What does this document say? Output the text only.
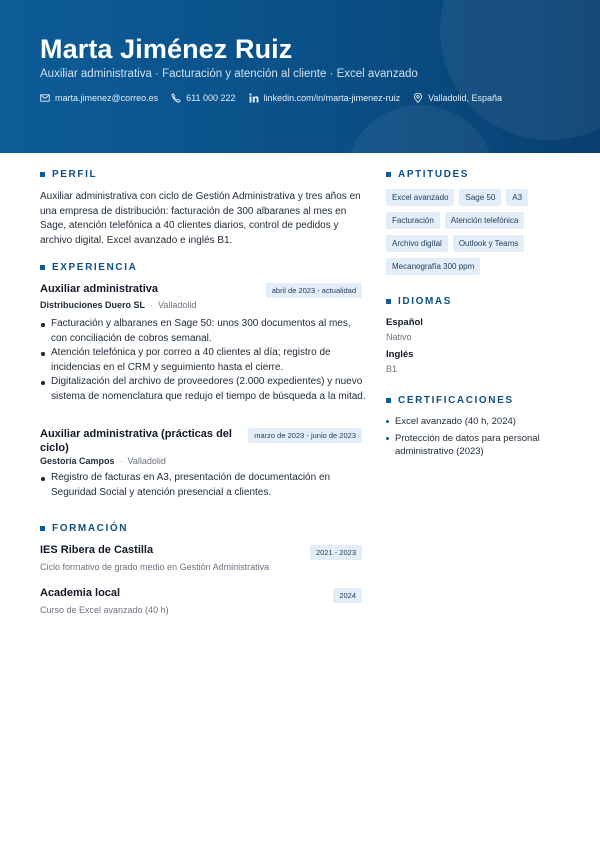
Marta Jiménez Ruiz
Auxiliar administrativa · Facturación y atención al cliente · Excel avanzado
marta.jimenez@correo.es	611 000 222	linkedin.com/in/marta-jimenez-ruiz	Valladolid, España
PERFIL
Auxiliar administrativa con ciclo de Gestión Administrativa y tres años en una empresa de distribución: facturación de 300 albaranes al mes en Sage, atención telefónica a 40 clientes diarios, control de pedidos y archivo digital. Excel avanzado e inglés B1.
EXPERIENCIA
Auxiliar administrativa	abril de 2023 - actualidad
Distribuciones Duero SL · Valladolid
Facturación y albaranes en Sage 50: unos 300 documentos al mes, con conciliación de cobros semanal.
Atención telefónica y por correo a 40 clientes al día; registro de incidencias en el CRM y seguimiento hasta el cierre.
Digitalización del archivo de proveedores (2.000 expedientes) y nuevo sistema de nomenclatura que redujo el tiempo de búsqueda a la mitad.
Auxiliar administrativa (prácticas del ciclo)
marzo de 2023 - junio de 2023
Gestoría Campos · Valladolid
Registro de facturas en A3, presentación de documentación en Seguridad Social y atención presencial a clientes.
FORMACIÓN
IES Ribera de Castilla	2021 - 2023
Ciclo formativo de grado medio en Gestión Administrativa
Academia local	2024
Curso de Excel avanzado (40 h)
APTITUDES
Excel avanzado	Sage 50	A3
Facturación	Atención telefónica
Archivo digital	Outlook y Teams
Mecanografía 300 ppm
IDIOMAS
Español
Nativo
Inglés
B1
CERTIFICACIONES
Excel avanzado (40 h, 2024)
Protección de datos para personal administrativo (2023)
